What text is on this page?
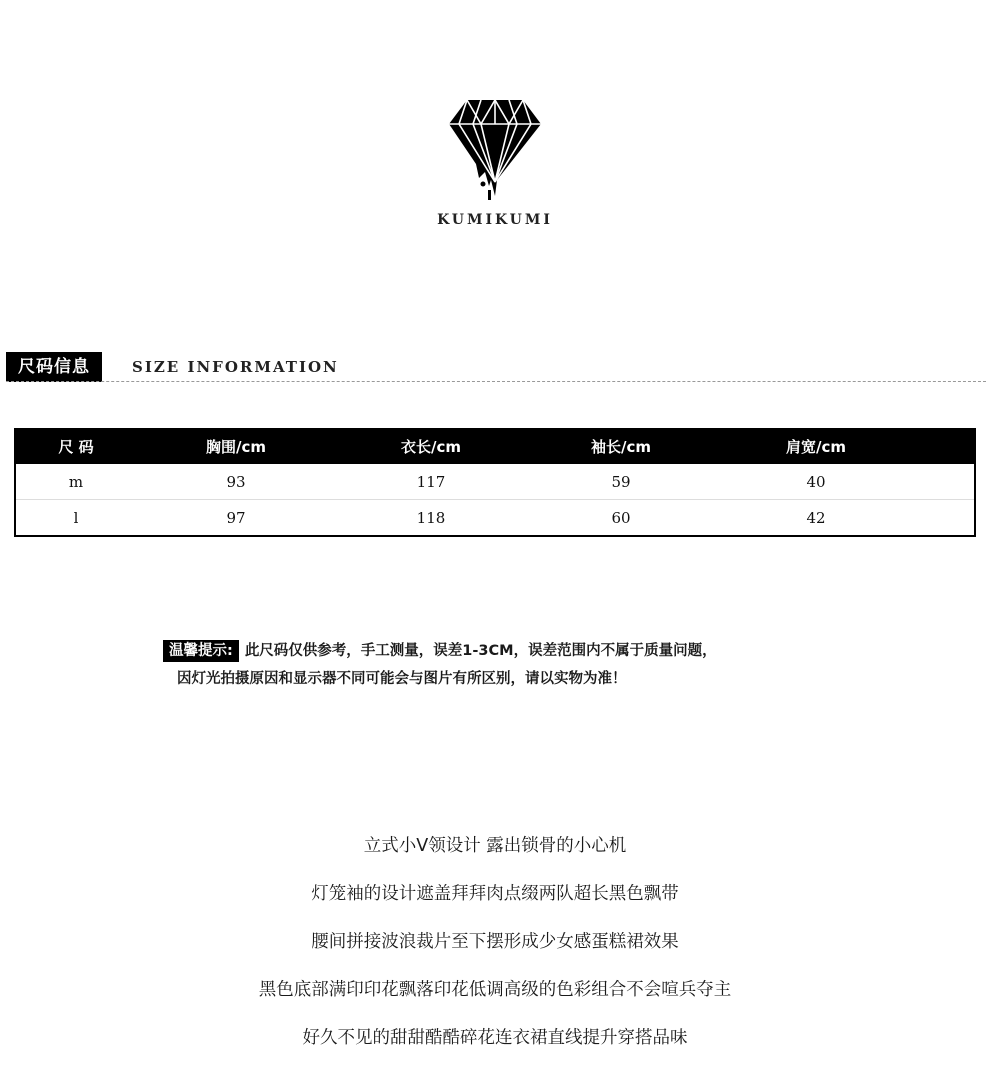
KUMIKUMI
尺码信息	SIZE INFORMATION
尺 码	胸围/cm	衣长/cm	袖长/cm	肩宽/cm
m	93	117	59	40
l	97	118	60	42
温馨提示: 此尺码仅供参考，手工测量，误差1-3CM，误差范围内不属于质量问题，
因灯光拍摄原因和显示器不同可能会与图片有所区别，请以实物为准！
立式小V领设计 露出锁骨的小心机
灯笼袖的设计遮盖拜拜肉点缀两队超长黑色飘带
腰间拼接波浪裁片至下摆形成少女感蛋糕裙效果
黑色底部满印印花飘落印花低调高级的色彩组合不会喧兵夺主
好久不见的甜甜酷酷碎花连衣裙直线提升穿搭品味
